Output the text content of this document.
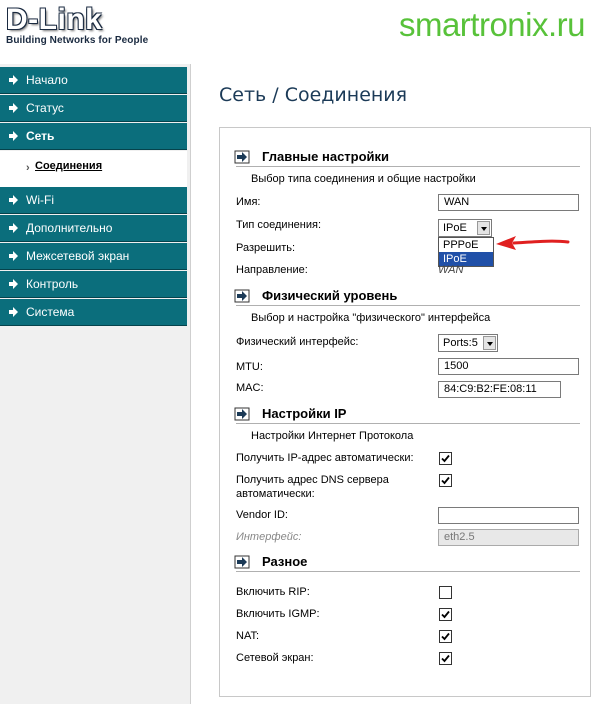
D-Link
Building Networks for People	smartronix.ru
Начало
Статус
Сеть
› Соединения
Wi-Fi
Дополнительно
Межсетевой экран
Контроль
Система
Сеть / Соединения
Главные настройки
Выбор типа соединения и общие настройки
Имя:	WAN
Тип соединения:	IPoE
PPPoE
IPoE
Разрешить:
Направление:	WAN
Физический уровень
Выбор и настройка "физического" интерфейса
Физический интерфейс:	Ports:5
MTU:	1500
MAC:	84:C9:B2:FE:08:11
Настройки IP
Настройки Интернет Протокола
Получить IP-адрес автоматически:
Получить адрес DNS сервера
автоматически:
Vendor ID:
Интерфейс:	eth2.5
Разное
Включить RIP:
Включить IGMP:
NAT:
Сетевой экран:
